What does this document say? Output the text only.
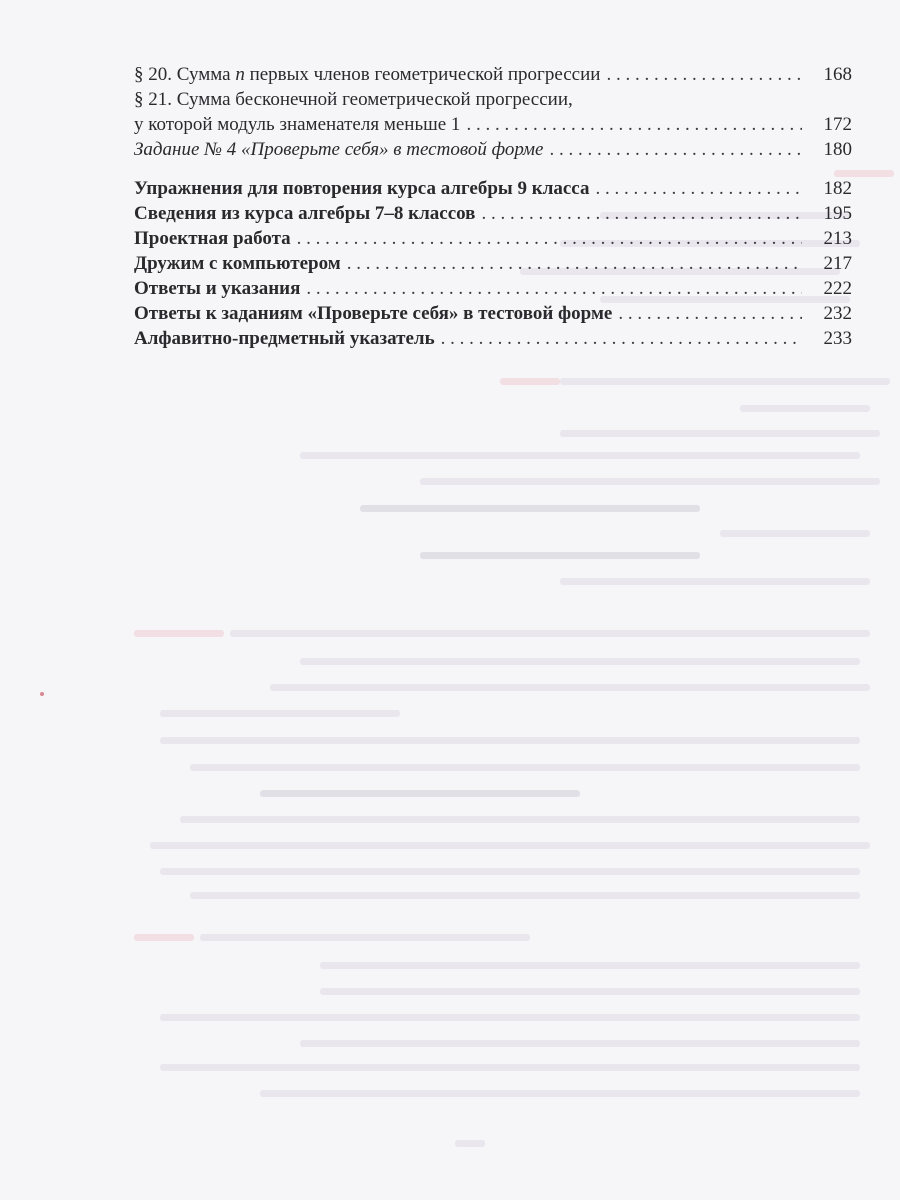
§ 20. Сумма n первых членов геометрической прогрессии . . .	168
§ 21. Сумма бесконечной геометрической прогрессии,
у которой модуль знаменателя меньше 1 . . .	172
Задание № 4 «Проверьте себя» в тестовой форме . . .	180
Упражнения для повторения курса алгебры 9 класса . . .	182
Сведения из курса алгебры 7–8 классов . . .	195
Проектная работа . . .	213
Дружим с компьютером . . .	217
Ответы и указания . . .	222
Ответы к заданиям «Проверьте себя» в тестовой форме . . .	232
Алфавитно-предметный указатель . . .	233
